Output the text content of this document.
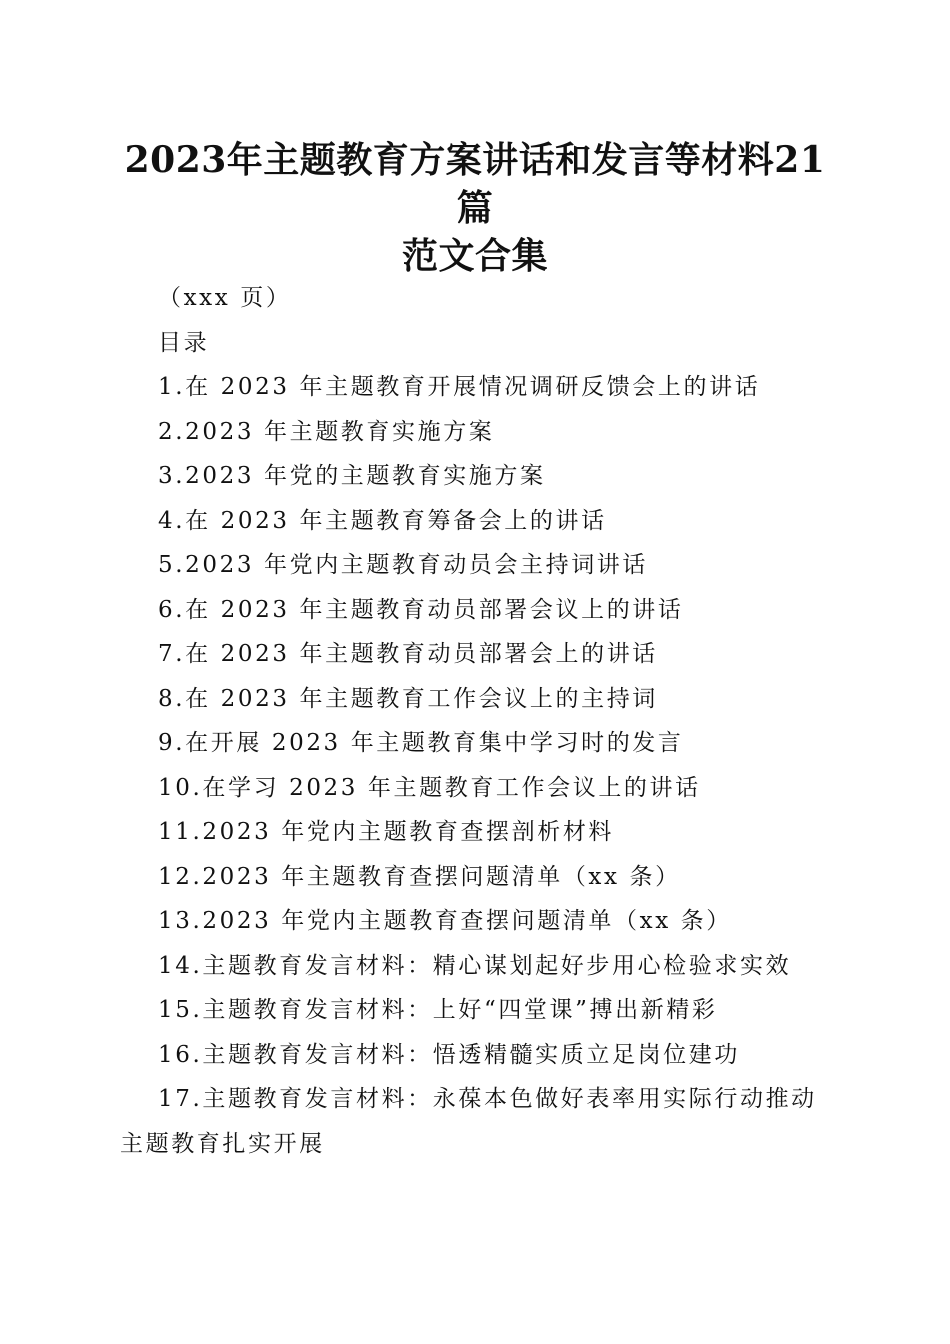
2023年主题教育方案讲话和发言等材料21篇
范文合集
（xxx 页）
目录
1.在 2023 年主题教育开展情况调研反馈会上的讲话
2.2023 年主题教育实施方案
3.2023 年党的主题教育实施方案
4.在 2023 年主题教育筹备会上的讲话
5.2023 年党内主题教育动员会主持词讲话
6.在 2023 年主题教育动员部署会议上的讲话
7.在 2023 年主题教育动员部署会上的讲话
8.在 2023 年主题教育工作会议上的主持词
9.在开展 2023 年主题教育集中学习时的发言
10.在学习 2023 年主题教育工作会议上的讲话
11.2023 年党内主题教育查摆剖析材料
12.2023 年主题教育查摆问题清单（xx 条）
13.2023 年党内主题教育查摆问题清单（xx 条）
14.主题教育发言材料：精心谋划起好步用心检验求实效
15.主题教育发言材料：上好“四堂课”搏出新精彩
16.主题教育发言材料：悟透精髓实质立足岗位建功
17.主题教育发言材料：永葆本色做好表率用实际行动推动主题教育扎实开展
